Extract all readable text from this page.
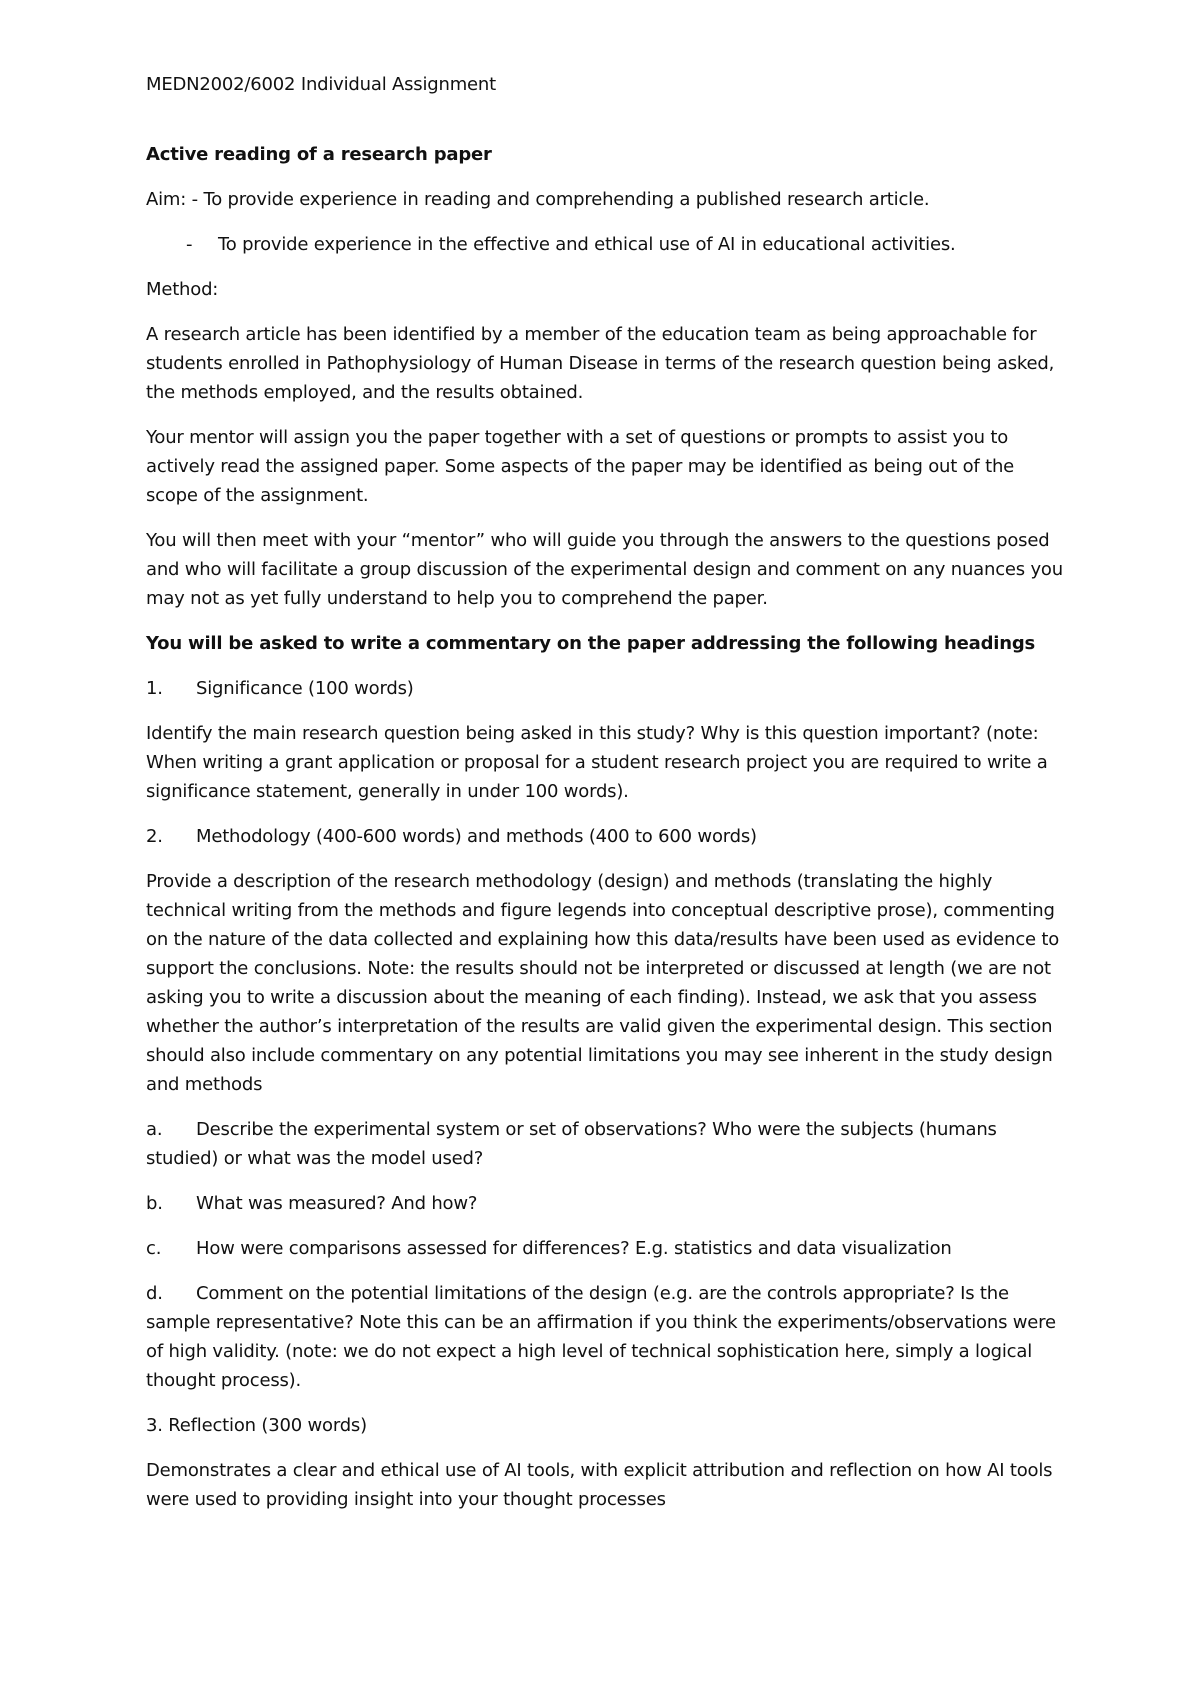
MEDN2002/6002 Individual Assignment

Active reading of a research paper

Aim: - To provide experience in reading and comprehending a published research article.

- To provide experience in the effective and ethical use of AI in educational activities.

Method:

A research article has been identified by a member of the education team as being approachable for students enrolled in Pathophysiology of Human Disease in terms of the research question being asked, the methods employed, and the results obtained.

Your mentor will assign you the paper together with a set of questions or prompts to assist you to actively read the assigned paper. Some aspects of the paper may be identified as being out of the scope of the assignment.

You will then meet with your “mentor” who will guide you through the answers to the questions posed and who will facilitate a group discussion of the experimental design and comment on any nuances you may not as yet fully understand to help you to comprehend the paper.

You will be asked to write a commentary on the paper addressing the following headings

1. Significance (100 words)

Identify the main research question being asked in this study? Why is this question important? (note: When writing a grant application or proposal for a student research project you are required to write a significance statement, generally in under 100 words).

2. Methodology (400-600 words) and methods (400 to 600 words)

Provide a description of the research methodology (design) and methods (translating the highly technical writing from the methods and figure legends into conceptual descriptive prose), commenting on the nature of the data collected and explaining how this data/results have been used as evidence to support the conclusions. Note: the results should not be interpreted or discussed at length (we are not asking you to write a discussion about the meaning of each finding). Instead, we ask that you assess whether the author’s interpretation of the results are valid given the experimental design. This section should also include commentary on any potential limitations you may see inherent in the study design and methods

a. Describe the experimental system or set of observations? Who were the subjects (humans studied) or what was the model used?

b. What was measured? And how?

c. How were comparisons assessed for differences? E.g. statistics and data visualization

d. Comment on the potential limitations of the design (e.g. are the controls appropriate? Is the sample representative? Note this can be an affirmation if you think the experiments/observations were of high validity. (note: we do not expect a high level of technical sophistication here, simply a logical thought process).

3. Reflection (300 words)

Demonstrates a clear and ethical use of AI tools, with explicit attribution and reflection on how AI tools were used to providing insight into your thought processes
